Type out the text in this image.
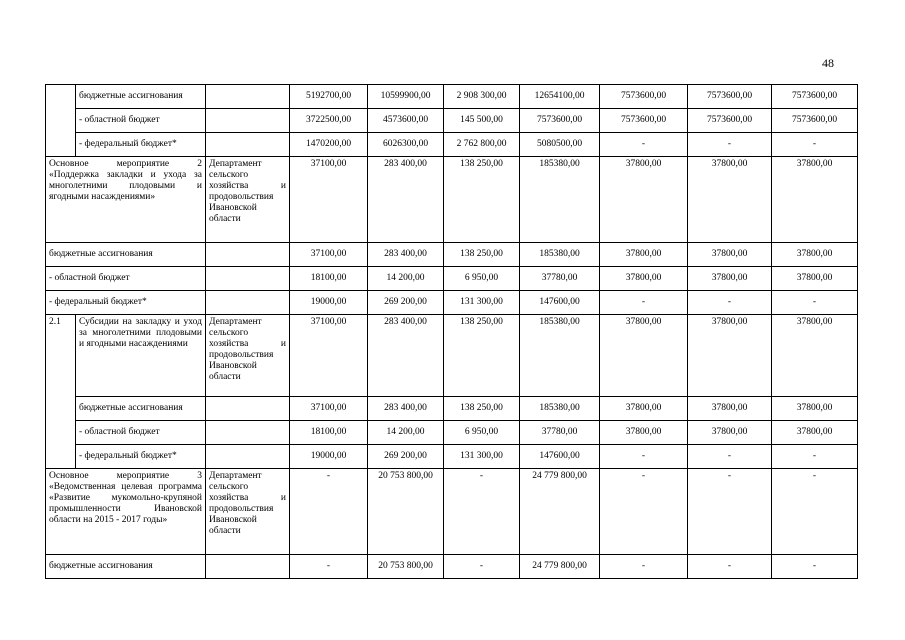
48
	бюджетные ассигнования		5192700,00	10599900,00	2 908 300,00	12654100,00	7573600,00	7573600,00	7573600,00
	- областной бюджет		3722500,00	4573600,00	145 500,00	7573600,00	7573600,00	7573600,00	7573600,00
	- федеральный бюджет*		1470200,00	6026300,00	2 762 800,00	5080500,00	-	-	-
Основное мероприятие 2 «Поддержка закладки и ухода за многолетними плодовыми и ягодными насаждениями»		Департамент сельского хозяйства и продовольствия Ивановской области	37100,00	283 400,00	138 250,00	185380,00	37800,00	37800,00	37800,00
бюджетные ассигнования			37100,00	283 400,00	138 250,00	185380,00	37800,00	37800,00	37800,00
- областной бюджет			18100,00	14 200,00	6 950,00	37780,00	37800,00	37800,00	37800,00
- федеральный бюджет*			19000,00	269 200,00	131 300,00	147600,00	-	-	-
2.1	Субсидии на закладку и уход за многолетними плодовыми и ягодными насаждениями	Департамент сельского хозяйства и продовольствия Ивановской области	37100,00	283 400,00	138 250,00	185380,00	37800,00	37800,00	37800,00
	бюджетные ассигнования		37100,00	283 400,00	138 250,00	185380,00	37800,00	37800,00	37800,00
	- областной бюджет		18100,00	14 200,00	6 950,00	37780,00	37800,00	37800,00	37800,00
	- федеральный бюджет*		19000,00	269 200,00	131 300,00	147600,00	-	-	-
Основное мероприятие 3 «Ведомственная целевая программа «Развитие мукомольно-крупяной промышленности Ивановской области на 2015 - 2017 годы»		Департамент сельского хозяйства и продовольствия Ивановской области	-	20 753 800,00	-	24 779 800,00	-	-	-
бюджетные ассигнования			-	20 753 800,00	-	24 779 800,00	-	-	-
